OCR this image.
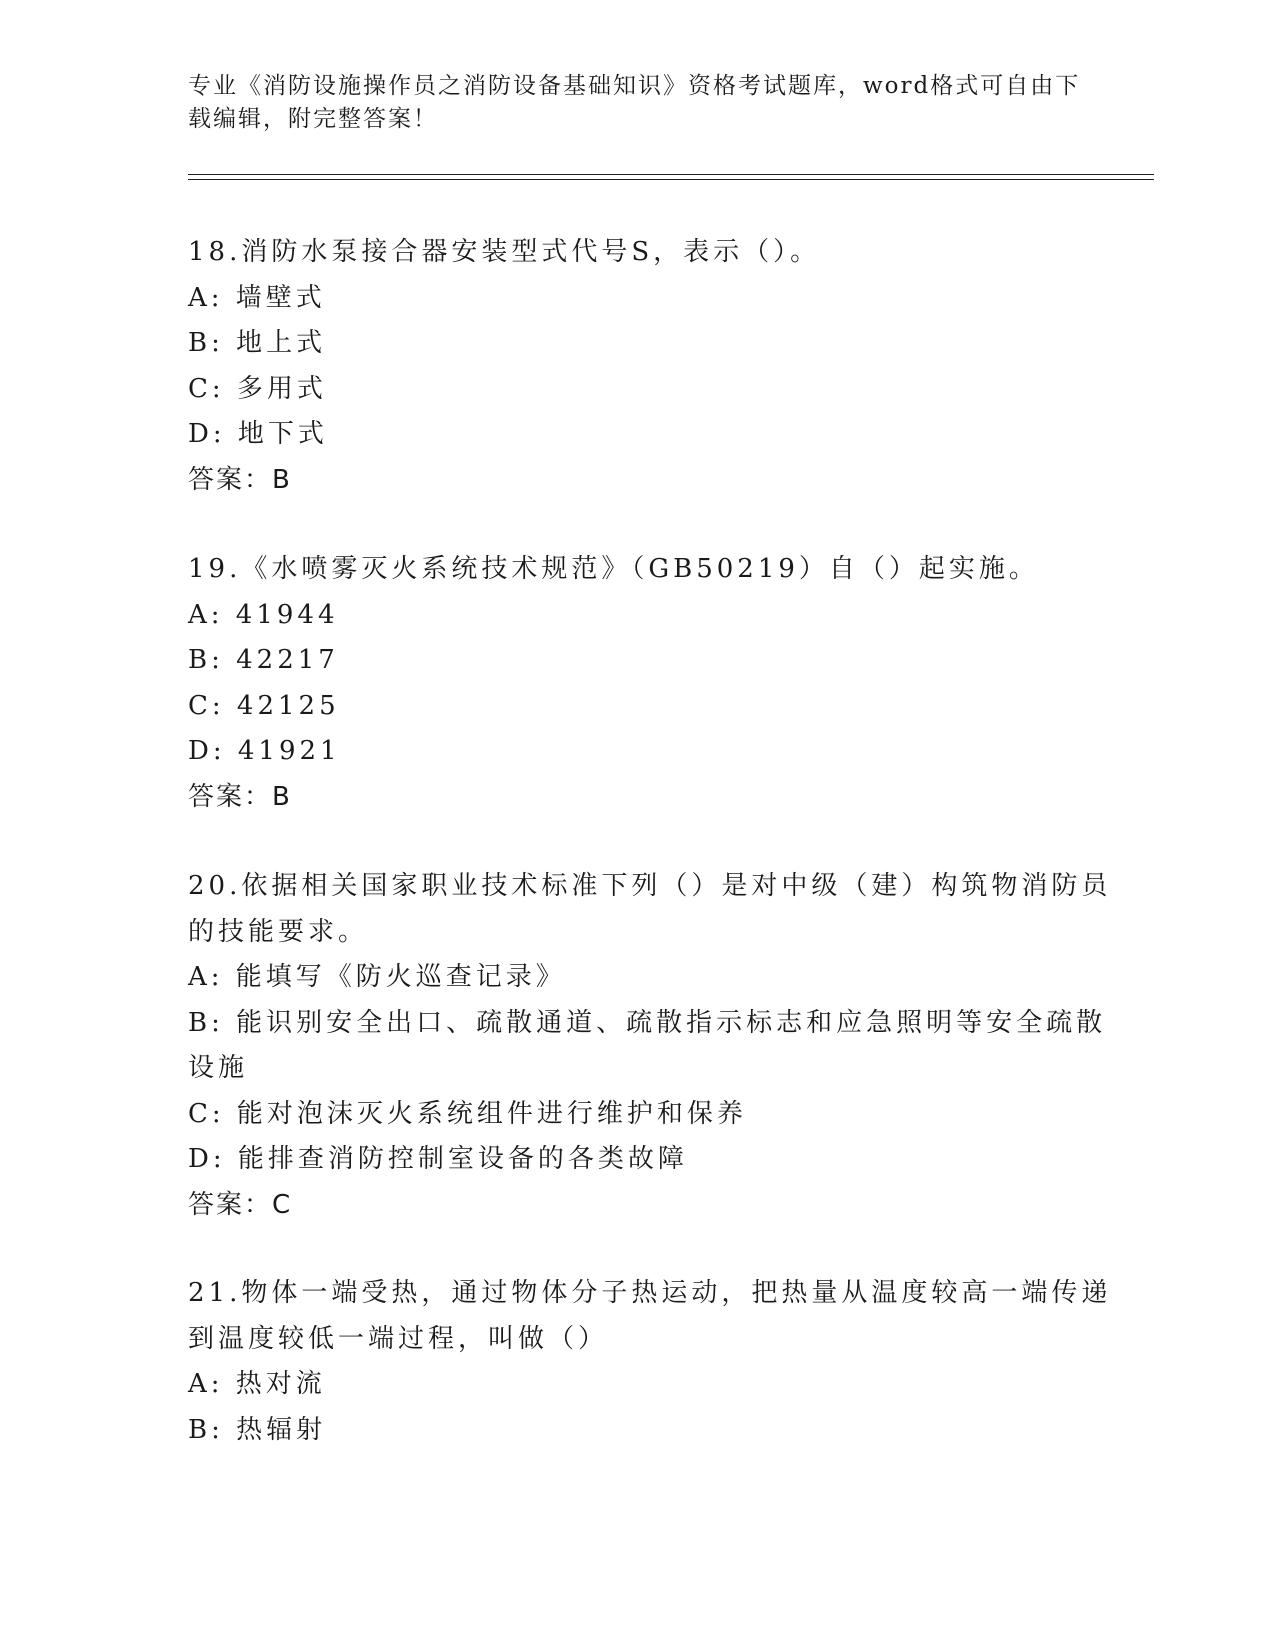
专业《消防设施操作员之消防设备基础知识》资格考试题库，word格式可自由下
载编辑，附完整答案！
18.消防水泵接合器安装型式代号S，表示（）。
A: 墙壁式
B: 地上式
C: 多用式
D: 地下式
答案：B
19.《水喷雾灭火系统技术规范》（GB50219）自（）起实施。
A: 41944
B: 42217
C: 42125
D: 41921
答案：B
20.依据相关国家职业技术标准下列（）是对中级（建）构筑物消防员
的技能要求。
A: 能填写《防火巡查记录》
B: 能识别安全出口、疏散通道、疏散指示标志和应急照明等安全疏散
设施
C: 能对泡沫灭火系统组件进行维护和保养
D: 能排查消防控制室设备的各类故障
答案：C
21.物体一端受热，通过物体分子热运动，把热量从温度较高一端传递
到温度较低一端过程，叫做（）
A: 热对流
B: 热辐射
